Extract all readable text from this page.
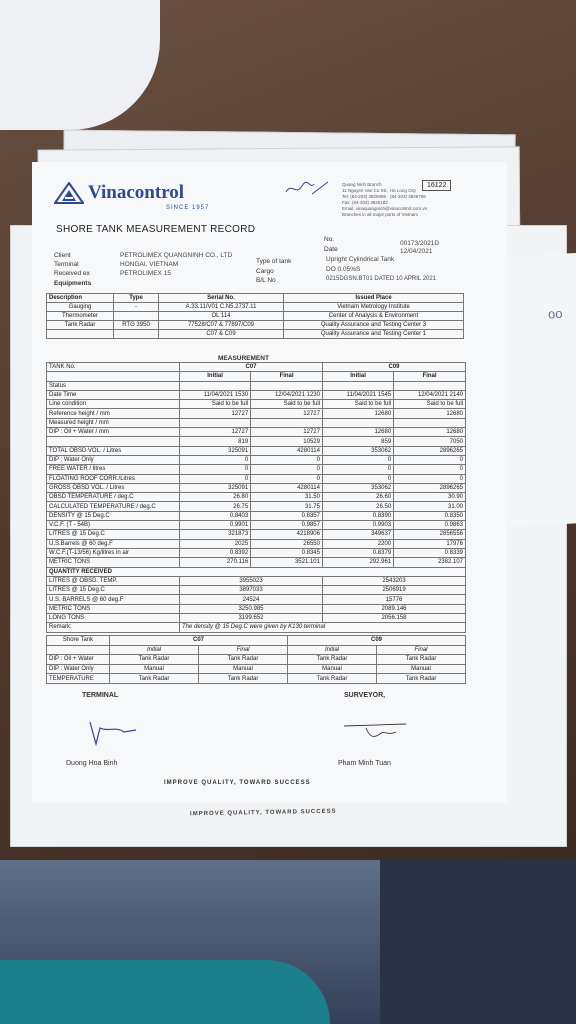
oo
IMPROVE QUALITY, TOWARD SUCCESS
Vinacontrol
SINCE 1957
Quang Ninh Branch
11 Nguyen Van Cu Str., Ha Long City
Tel: (84-203) 3825085 · (84-203) 3828766
Fax: (84-203) 3825182
Email: vinaquangninh@vinacontrol.com.vn
Branches in all major ports of Vietnam
16122
SHORE TANK MEASUREMENT RECORD
Client	PETROLIMEX QUANGNINH CO., LTD
Terminal	HONGAI, VIETNAM
Received ex	PETROLIMEX 15
Equipments
No.
00173/2021D
Date	12/04/2021
Type of tank	Upright Cylindrical Tank
Cargo	DO 0.05%S
B/L No	0215DGSN.BT01 DATED 10 APRIL 2021
Description	Type	Serial No.	Issued Place
Gauging	-	A.33.11/V01 C.N5.2737.11	Vietnam Metrology Institute
Thermometer		OL 114	Center of Analysis & Environment
Tank Radar	RTG 3950	77528/C07 & 77897/C09	Quality Assurance and Testing Center 3
		C07 & C09	Quality Assurance and Testing Center 1
MEASUREMENT
TANK No.	C07		C09	
	Initial	Final	Initial	Final
Status				
Date Time	11/04/2021 1530	12/04/2021 1230	11/04/2021 1545	12/04/2021 2140
Line condition	Said to be full	Said to be full	Said to be full	Said to be full
Reference height / mm	12727	12727	12680	12680
Measured height / mm				
DIP : Oil + Water / mm	12727	12727	12680	12680
	819	10529	859	7050
TOTAL OBSD VOL. / Litres	325091	4280114	353062	2896265
DIP : Water Only	0	0	0	0
FREE WATER / litres	0	0	0	0
FLOATING ROOF CORR./Litres	0	0	0	0
GROSS OBSD VOL. / Litres	325091	4280114	353062	2896265
OBSD TEMPERATURE / deg.C	26.80	31.50	26.60	30.90
CALCULATED TEMPERATURE / deg.C	26.75	31.75	26.50	31.00
DENSITY @ 15 Deg.C	0.8403	0.8357	0.8390	0.8350
V.C.F. (T - 54B)	0.9901	0.9857	0.9903	0.9863
LITRES @ 15 Deg.C	321873	4218906	349637	2856556
U.S.Barrels @ 60 deg.F	2025	26550	2200	17976
W.C.F.(T-13/56) Kg/litres in air	0.8392	0.8345	0.8379	0.8339
METRIC TONS	270.116	3521.101	292.961	2382.107
QUANTITY RECEIVED				
LITRES @ OBSD. TEMP.	3955023		2543203	
LITRES @ 15 Deg.C	3897033		2506919	
U.S. BARRELS @ 60 deg.F	24524		15776	
METRIC TONS	3250.985		2089.146	
LONG TONS	3199.652		2056.158	
Remark:	The density @ 15 Deg.C were given by K130 terminal			
Shore Tank	C07		C09	
	Initial	Final	Initial	Final
DIP : Oil + Water	Tank Radar	Tank Radar	Tank Radar	Tank Radar
DIP : Water Only	Manual	Manual	Manual	Manual
TEMPERATURE	Tank Radar	Tank Radar	Tank Radar	Tank Radar
TERMINAL	SURVEYOR,
Duong Hoa Binh	Pham Minh Tuan
IMPROVE QUALITY, TOWARD SUCCESS
